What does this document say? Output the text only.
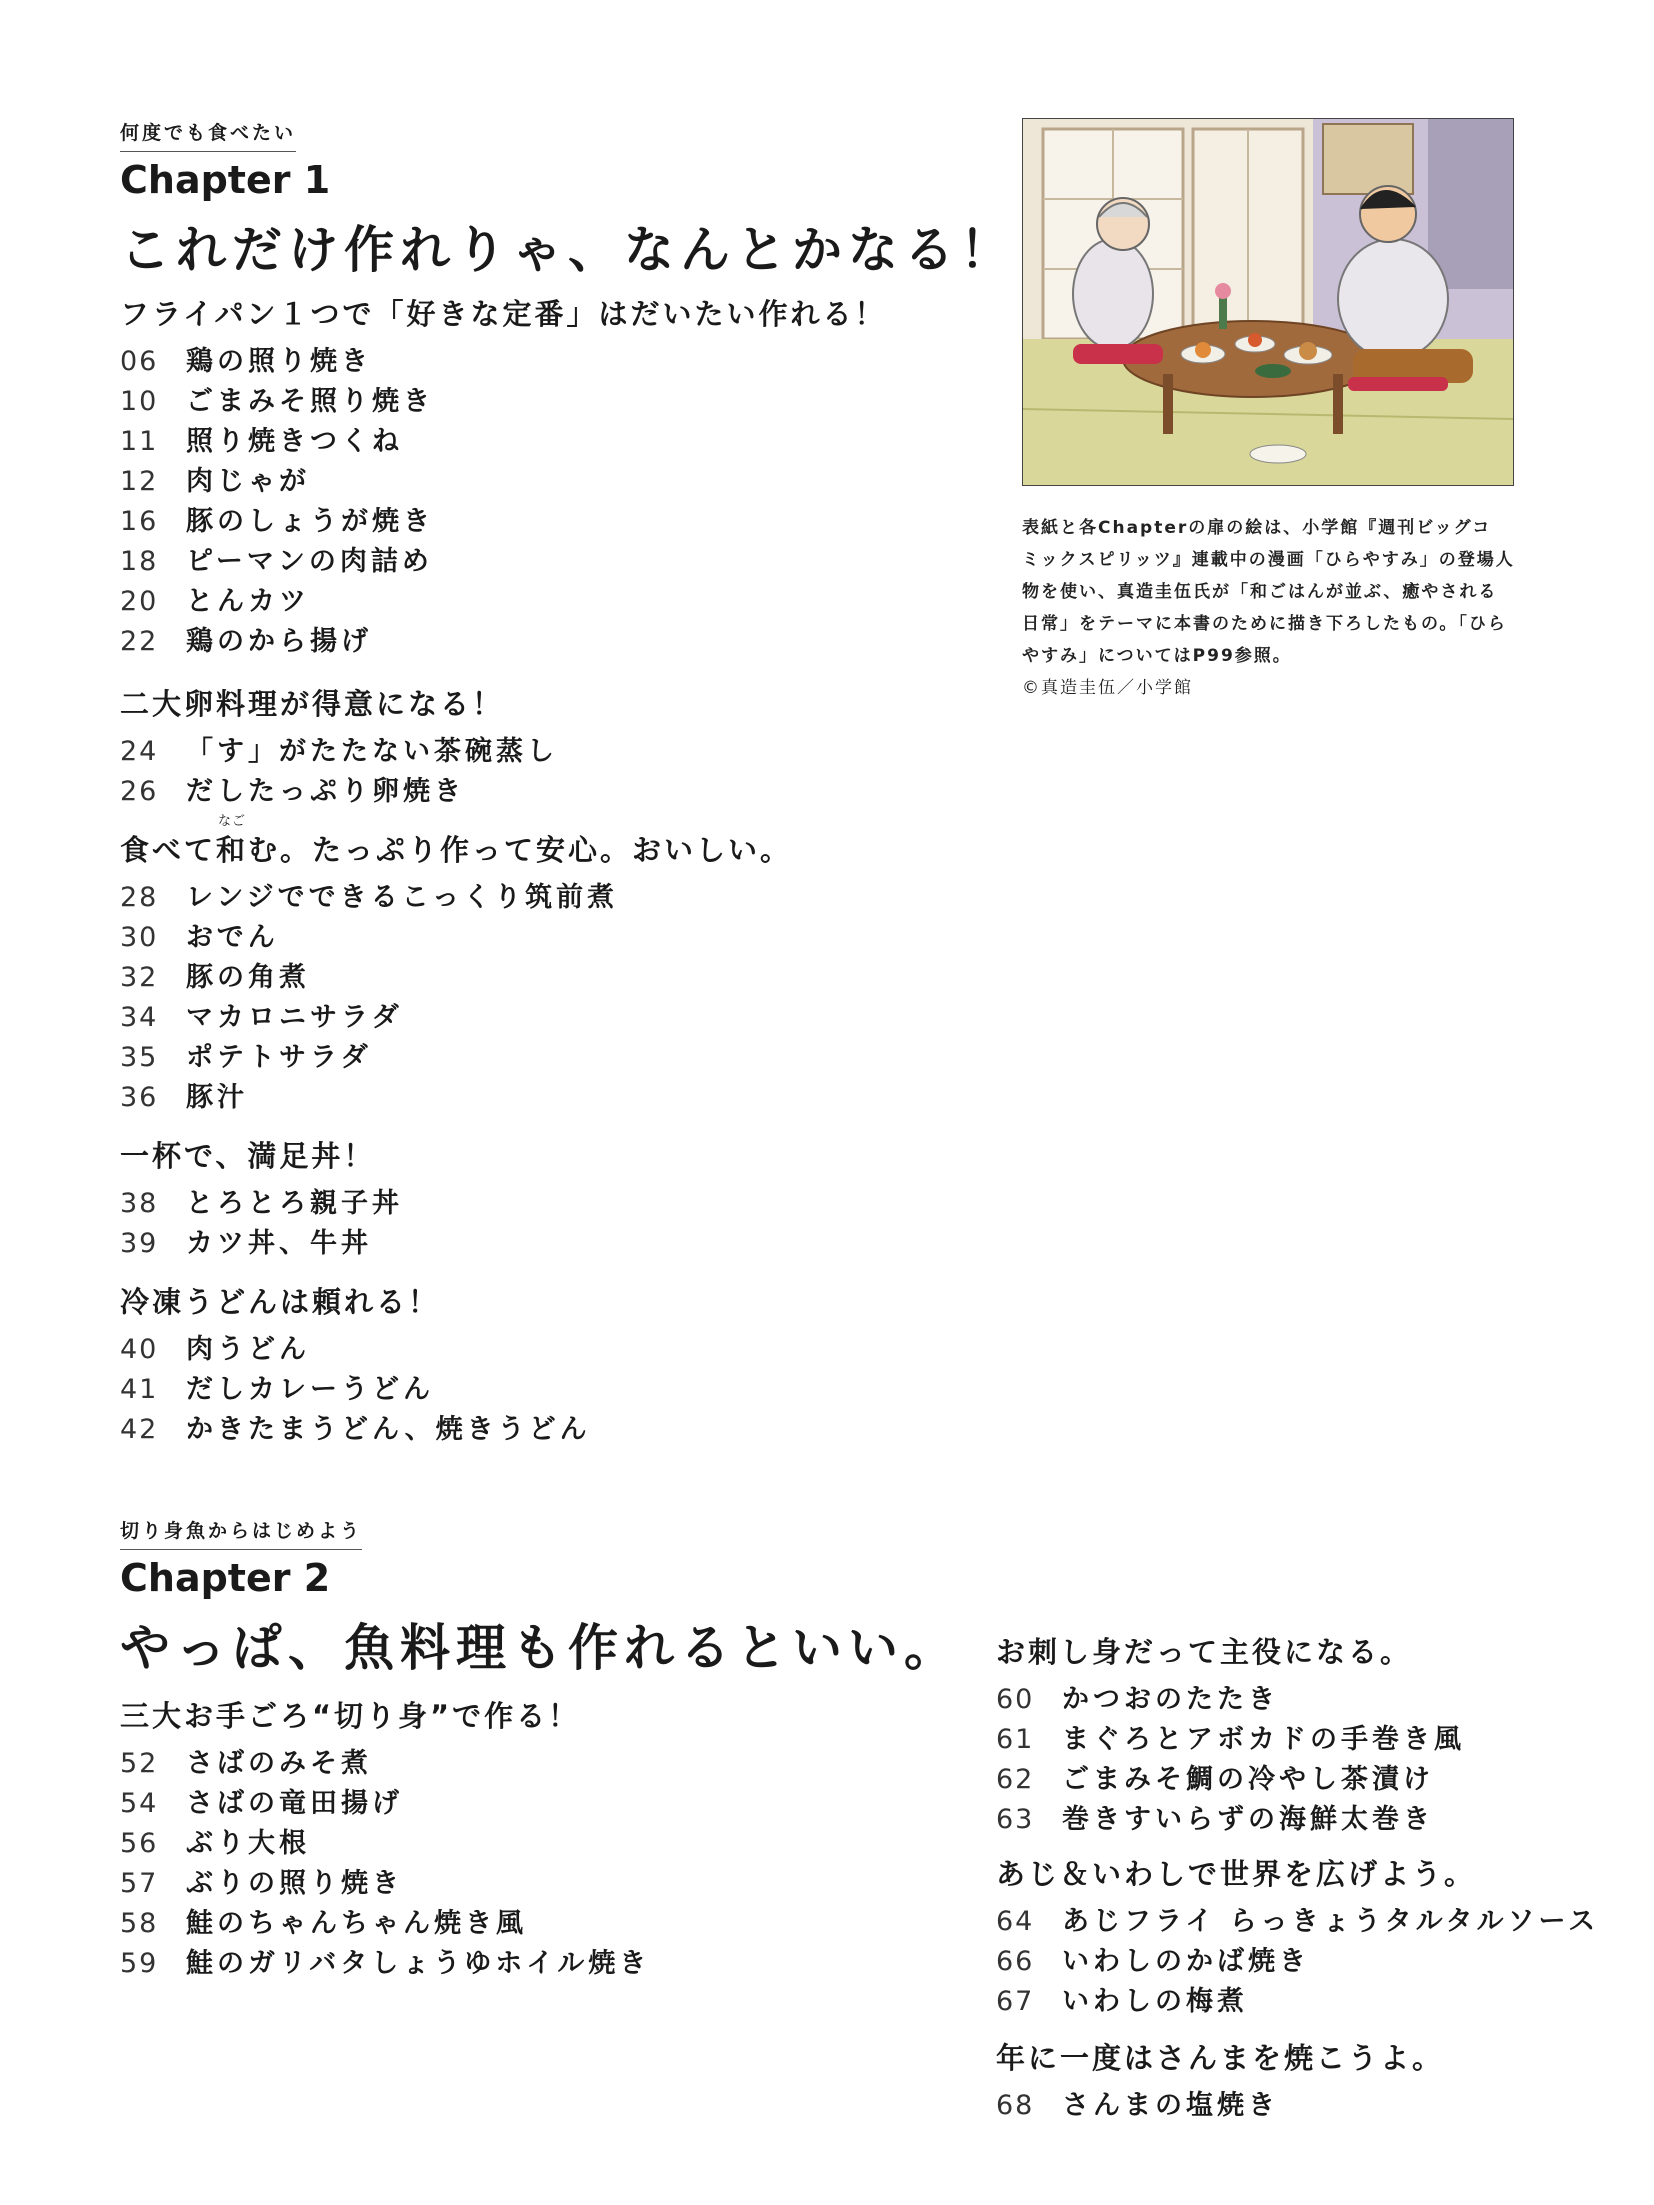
何度でも食べたい
Chapter 1
これだけ作れりゃ、なんとかなる！
フライパン１つで「好きな定番」はだいたい作れる！
06	鶏の照り焼き
10	ごまみそ照り焼き
11	照り焼きつくね
12	肉じゃが
16	豚のしょうが焼き
18	ピーマンの肉詰め
20	とんカツ
22	鶏のから揚げ
二大卵料理が得意になる！
24	「す」がたたない茶碗蒸し
26	だしたっぷり卵焼き
食べて
なご
和む。たっぷり作って安心。おいしい。
28	レンジでできるこっくり筑前煮
30	おでん
32	豚の角煮
34	マカロニサラダ
35	ポテトサラダ
36	豚汁
一杯で、満足丼！
38	とろとろ親子丼
39	カツ丼、牛丼
冷凍うどんは頼れる！
40	肉うどん
41	だしカレーうどん
42	かきたまうどん、焼きうどん
表紙と各Chapterの扉の絵は、小学館『週刊ビッグコ
ミックスピリッツ』連載中の漫画「ひらやすみ」の登場人
物を使い、真造圭伍氏が「和ごはんが並ぶ、癒やされる
日常」をテーマに本書のために描き下ろしたもの。「ひら
やすみ」についてはP99参照。
©真造圭伍／小学館
切り身魚からはじめよう
Chapter 2
やっぱ、魚料理も作れるといい。
三大お手ごろ“切り身”で作る！
52	さばのみそ煮
54	さばの竜田揚げ
56	ぶり大根
57	ぶりの照り焼き
58	鮭のちゃんちゃん焼き風
59	鮭のガリバタしょうゆホイル焼き
お刺し身だって主役になる。
60	かつおのたたき
61	まぐろとアボカドの手巻き風
62	ごまみそ鯛の冷やし茶漬け
63	巻きすいらずの海鮮太巻き
あじ＆いわしで世界を広げよう。
64	あじフライ らっきょうタルタルソース
66	いわしのかば焼き
67	いわしの梅煮
年に一度はさんまを焼こうよ。
68	さんまの塩焼き
